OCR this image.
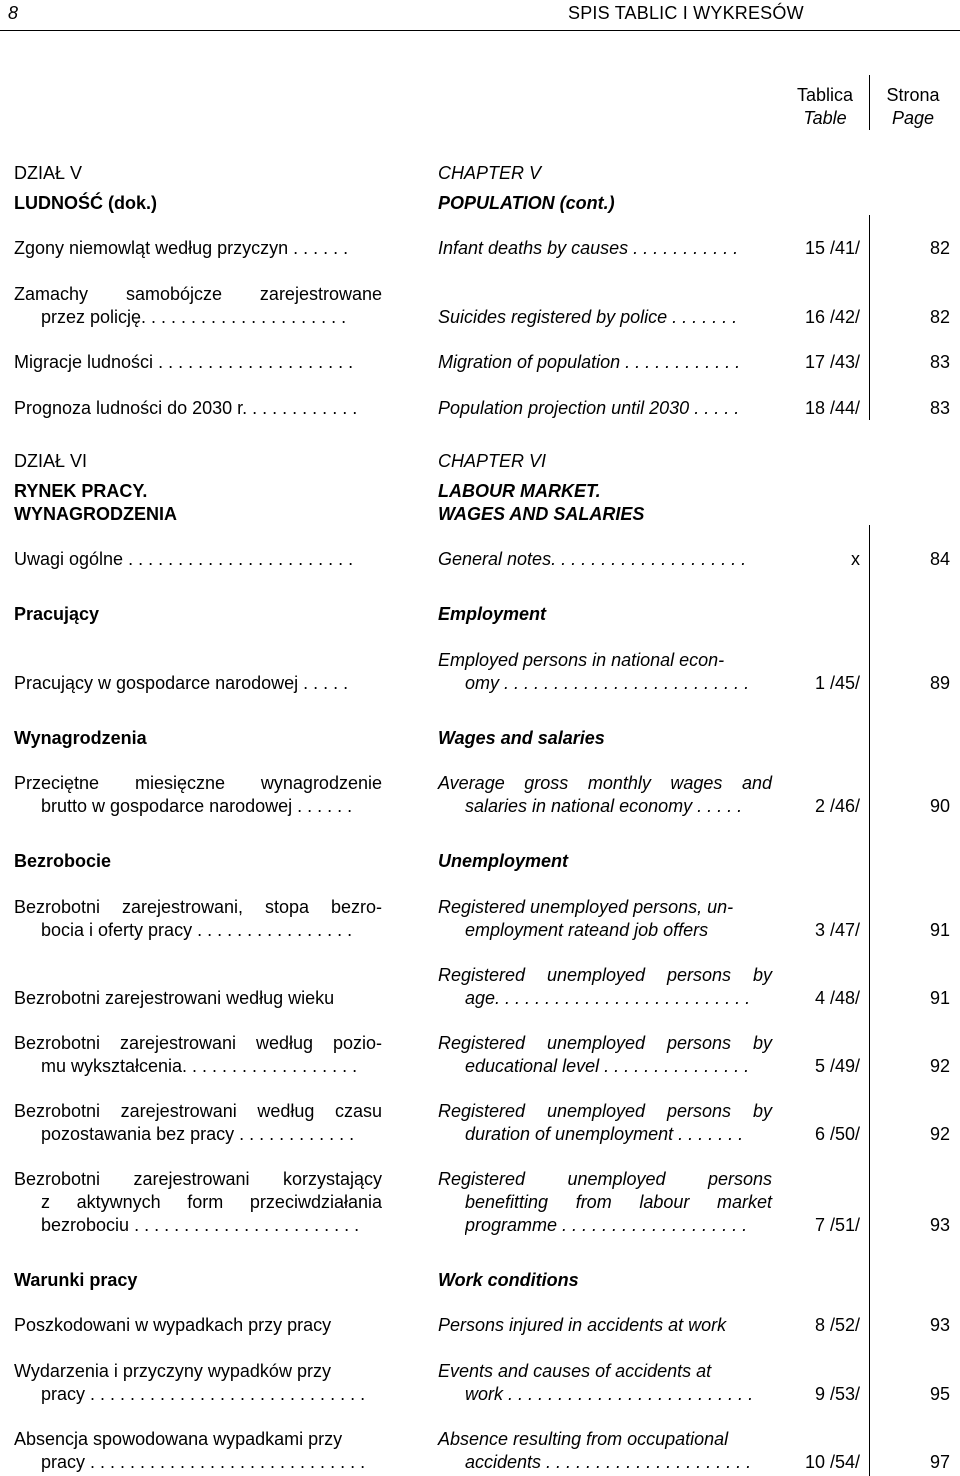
8	SPIS TABLIC I WYKRESÓW
Tablica
Table
Strona
Page
DZIAŁ V
LUDNOŚĆ (dok.)
CHAPTER V
POPULATION (cont.)
Zgony niemowląt według przyczyn . . . . . .	Infant deaths by causes . . . . . . . . . . .	15 /41/	82
Zamachy samobójcze zarejestrowane
przez policję. . . . . . . . . . . . . . . . . . . . .	Suicides registered by police . . . . . . .	16 /42/	82
Migracje ludności . . . . . . . . . . . . . . . . . . . .	Migration of population . . . . . . . . . . . .	17 /43/	83
Prognoza ludności do 2030 r. . . . . . . . . . . .	Population projection until 2030 . . . . .	18 /44/	83
DZIAŁ VI
RYNEK PRACY.
WYNAGRODZENIA
CHAPTER VI
LABOUR MARKET.
WAGES AND SALARIES
Uwagi ogólne . . . . . . . . . . . . . . . . . . . . . . .	General notes. . . . . . . . . . . . . . . . . . . .	x	84
Pracujący	Employment
Pracujący w gospodarce narodowej . . . . .
Employed persons in national econ-
omy . . . . . . . . . . . . . . . . . . . . . . . . .	1 /45/	89
Wynagrodzenia	Wages and salaries
Przeciętne miesięczne wynagrodzenie
brutto w gospodarce narodowej . . . . . .
Average gross monthly wages and
salaries in national economy . . . . .	2 /46/	90
Bezrobocie	Unemployment
Bezrobotni zarejestrowani, stopa bezro-
bocia i oferty pracy . . . . . . . . . . . . . . . .
Registered unemployed persons, un-
employment rateand job offers	3 /47/	91
Bezrobotni zarejestrowani według wieku
Registered unemployed persons by
age. . . . . . . . . . . . . . . . . . . . . . . . . .	4 /48/	91
Bezrobotni zarejestrowani według pozio-
mu wykształcenia. . . . . . . . . . . . . . . . . .
Registered unemployed persons by
educational level . . . . . . . . . . . . . . .	5 /49/	92
Bezrobotni zarejestrowani według czasu
pozostawania bez pracy . . . . . . . . . . . .
Registered unemployed persons by
duration of unemployment . . . . . . .	6 /50/	92
Bezrobotni zarejestrowani korzystający
z aktywnych form przeciwdziałania
bezrobociu . . . . . . . . . . . . . . . . . . . . . . .
Registered unemployed persons
benefitting from labour market
programme . . . . . . . . . . . . . . . . . . .	7 /51/	93
Warunki pracy	Work conditions
Poszkodowani w wypadkach przy pracy	Persons injured in accidents at work	8 /52/	93
Wydarzenia i przyczyny wypadków przy
pracy . . . . . . . . . . . . . . . . . . . . . . . . . . . .
Events and causes of accidents at
work . . . . . . . . . . . . . . . . . . . . . . . . .	9 /53/	95
Absencja spowodowana wypadkami przy
pracy . . . . . . . . . . . . . . . . . . . . . . . . . . . .
Absence resulting from occupational
accidents . . . . . . . . . . . . . . . . . . . . .	10 /54/	97
